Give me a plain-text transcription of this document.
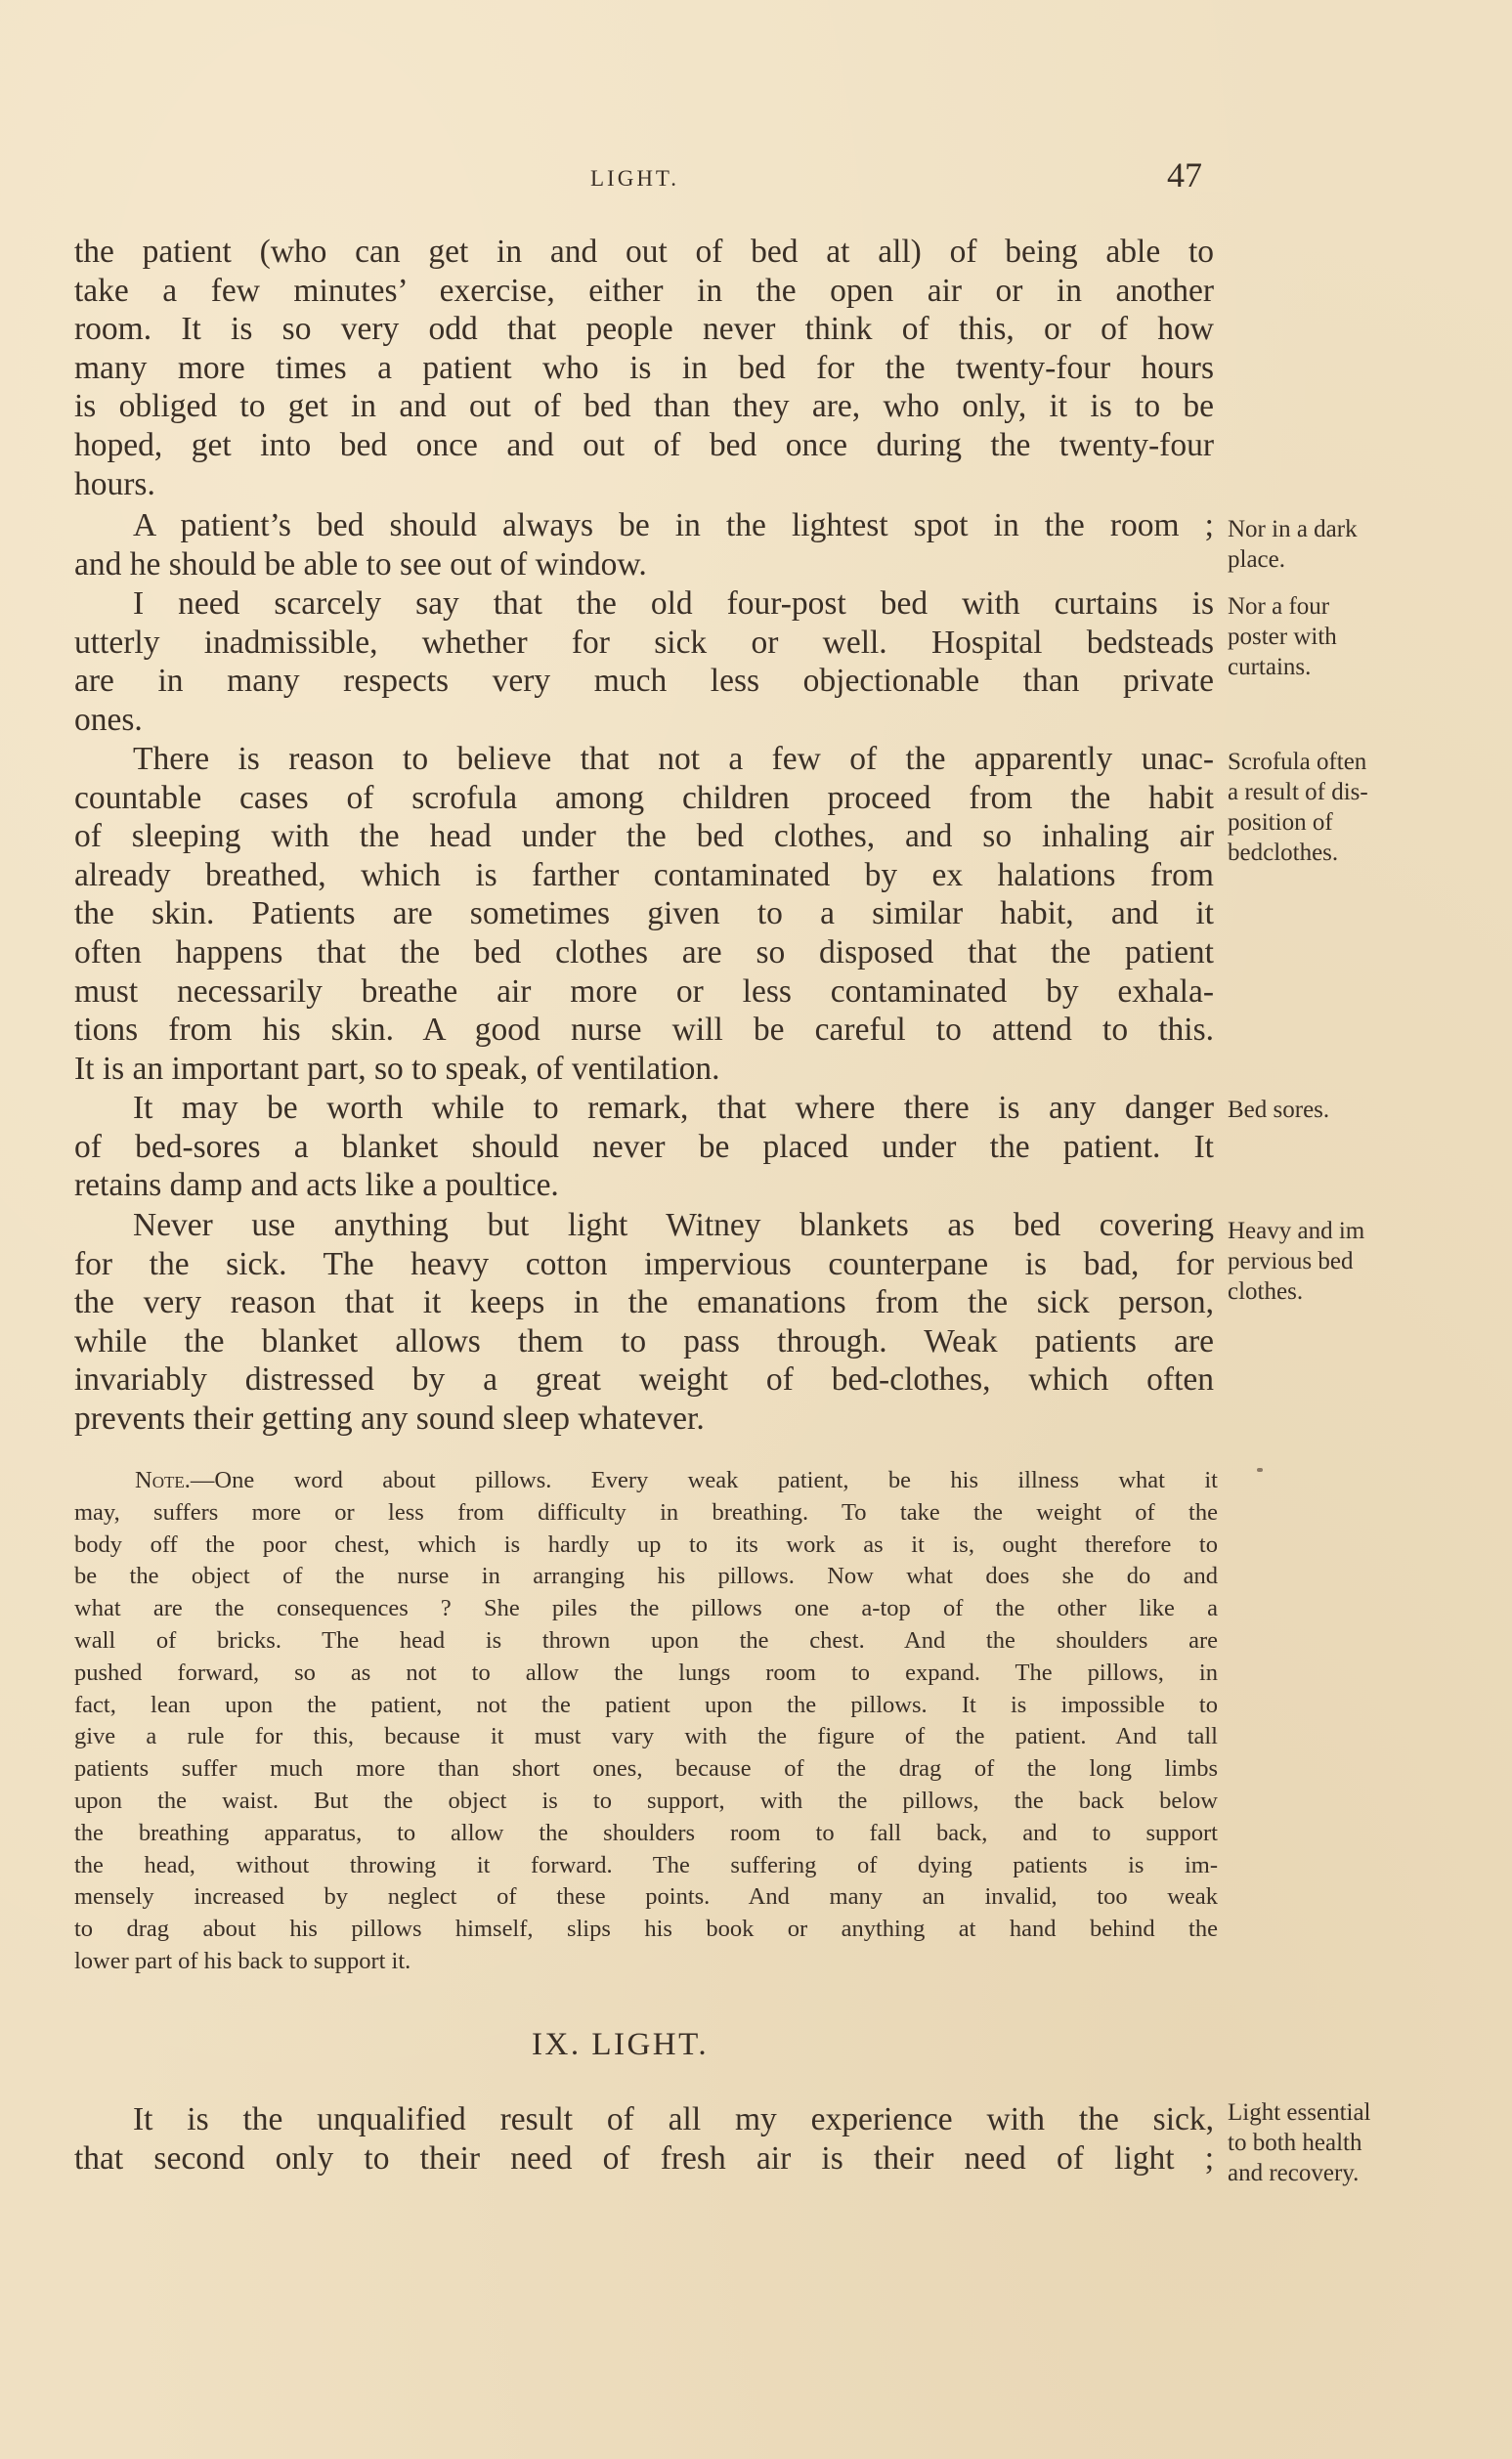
LIGHT.	47
the patient (who can get in and out of bed at all) of being able to
take a few minutes’ exercise, either in the open air or in another
room. It is so very odd that people never think of this, or of how
many more times a patient who is in bed for the twenty-four hours
is obliged to get in and out of bed than they are, who only, it is to be
hoped, get into bed once and out of bed once during the twenty-four
hours.
A patient’s bed should always be in the lightest spot in the room ;
and he should be able to see out of window.
I need scarcely say that the old four-post bed with curtains is
utterly inadmissible, whether for sick or well. Hospital bedsteads
are in many respects very much less objectionable than private
ones.
There is reason to believe that not a few of the apparently unac-
countable cases of scrofula among children proceed from the habit
of sleeping with the head under the bed clothes, and so inhaling air
already breathed, which is farther contaminated by ex halations from
the skin. Patients are sometimes given to a similar habit, and it
often happens that the bed clothes are so disposed that the patient
must necessarily breathe air more or less contaminated by exhala-
tions from his skin. A good nurse will be careful to attend to this.
It is an important part, so to speak, of ventilation.
It may be worth while to remark, that where there is any danger
of bed-sores a blanket should never be placed under the patient. It
retains damp and acts like a poultice.
Never use anything but light Witney blankets as bed covering
for the sick. The heavy cotton impervious counterpane is bad, for
the very reason that it keeps in the emanations from the sick person,
while the blanket allows them to pass through. Weak patients are
invariably distressed by a great weight of bed-clothes, which often
prevents their getting any sound sleep whatever.
Note.—One word about pillows. Every weak patient, be his illness what it
may, suffers more or less from difficulty in breathing. To take the weight of the
body off the poor chest, which is hardly up to its work as it is, ought therefore to
be the object of the nurse in arranging his pillows. Now what does she do and
what are the consequences ? She piles the pillows one a-top of the other like a
wall of bricks. The head is thrown upon the chest. And the shoulders are
pushed forward, so as not to allow the lungs room to expand. The pillows, in
fact, lean upon the patient, not the patient upon the pillows. It is impossible to
give a rule for this, because it must vary with the figure of the patient. And tall
patients suffer much more than short ones, because of the drag of the long limbs
upon the waist. But the object is to support, with the pillows, the back below
the breathing apparatus, to allow the shoulders room to fall back, and to support
the head, without throwing it forward. The suffering of dying patients is im-
mensely increased by neglect of these points. And many an invalid, too weak
to drag about his pillows himself, slips his book or anything at hand behind the
lower part of his back to support it.
IX. LIGHT.
It is the unqualified result of all my experience with the sick,
that second only to their need of fresh air is their need of light ;
Nor in a dark
place.
Nor a four
poster with
curtains.
Scrofula often
a result of dis-
position of
bedclothes.
Bed sores.
Heavy and im
pervious bed
clothes.
Light essential
to both health
and recovery.
